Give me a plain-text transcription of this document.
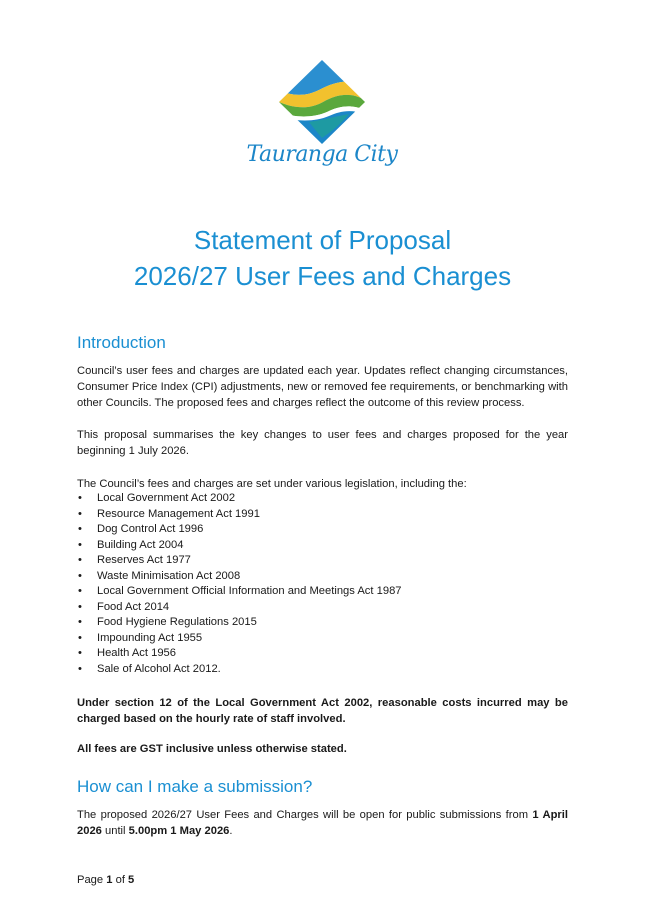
Tauranga City
Statement of Proposal
2026/27 User Fees and Charges
Introduction

Council’s user fees and charges are updated each year. Updates reflect changing circumstances, Consumer Price Index (CPI) adjustments, new or removed fee requirements, or benchmarking with other Councils. The proposed fees and charges reflect the outcome of this review process.

This proposal summarises the key changes to user fees and charges proposed for the year beginning 1 July 2026.

The Council’s fees and charges are set under various legislation, including the:

• Local Government Act 2002
• Resource Management Act 1991
• Dog Control Act 1996
• Building Act 2004
• Reserves Act 1977
• Waste Minimisation Act 2008
• Local Government Official Information and Meetings Act 1987
• Food Act 2014
• Food Hygiene Regulations 2015
• Impounding Act 1955
• Health Act 1956
• Sale of Alcohol Act 2012.

Under section 12 of the Local Government Act 2002, reasonable costs incurred may be charged based on the hourly rate of staff involved.

All fees are GST inclusive unless otherwise stated.

How can I make a submission?

The proposed 2026/27 User Fees and Charges will be open for public submissions from 1 April 2026 until 5.00pm 1 May 2026.

Page 1 of 5
